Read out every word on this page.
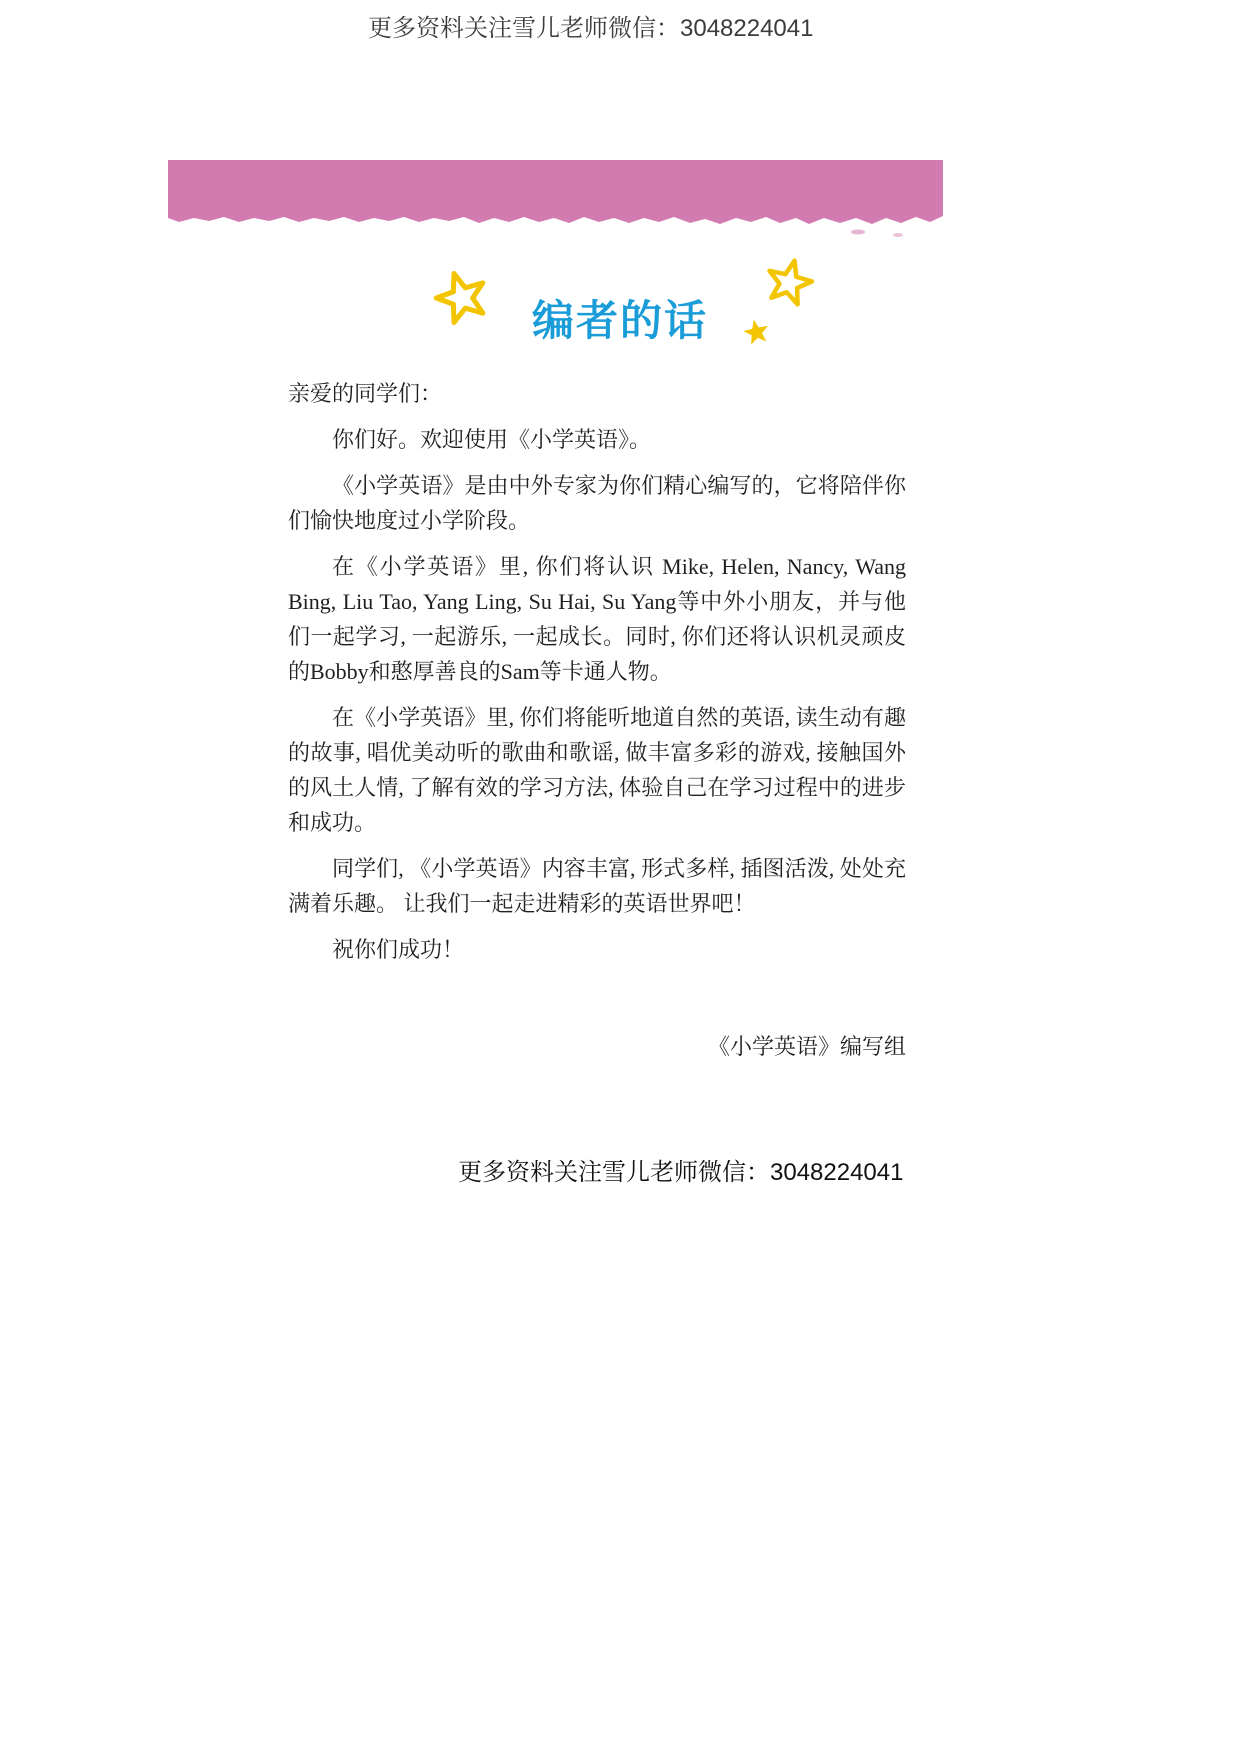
更多资料关注雪儿老师微信：3048224041
编者的话

亲爱的同学们：

你们好。欢迎使用《小学英语》。

《小学英语》是由中外专家为你们精心编写的，它将陪伴你们愉快地度过小学阶段。

在《小学英语》里, 你们将认识 Mike, Helen, Nancy, Wang Bing, Liu Tao, Yang Ling, Su Hai, Su Yang等中外小朋友，并与他们一起学习, 一起游乐, 一起成长。同时, 你们还将认识机灵顽皮的Bobby和憨厚善良的Sam等卡通人物。

在《小学英语》里, 你们将能听地道自然的英语, 读生动有趣的故事, 唱优美动听的歌曲和歌谣, 做丰富多彩的游戏, 接触国外的风土人情, 了解有效的学习方法, 体验自己在学习过程中的进步和成功。

同学们, 《小学英语》内容丰富, 形式多样, 插图活泼, 处处充满着乐趣。 让我们一起走进精彩的英语世界吧！

祝你们成功！

《小学英语》编写组

更多资料关注雪儿老师微信：3048224041
